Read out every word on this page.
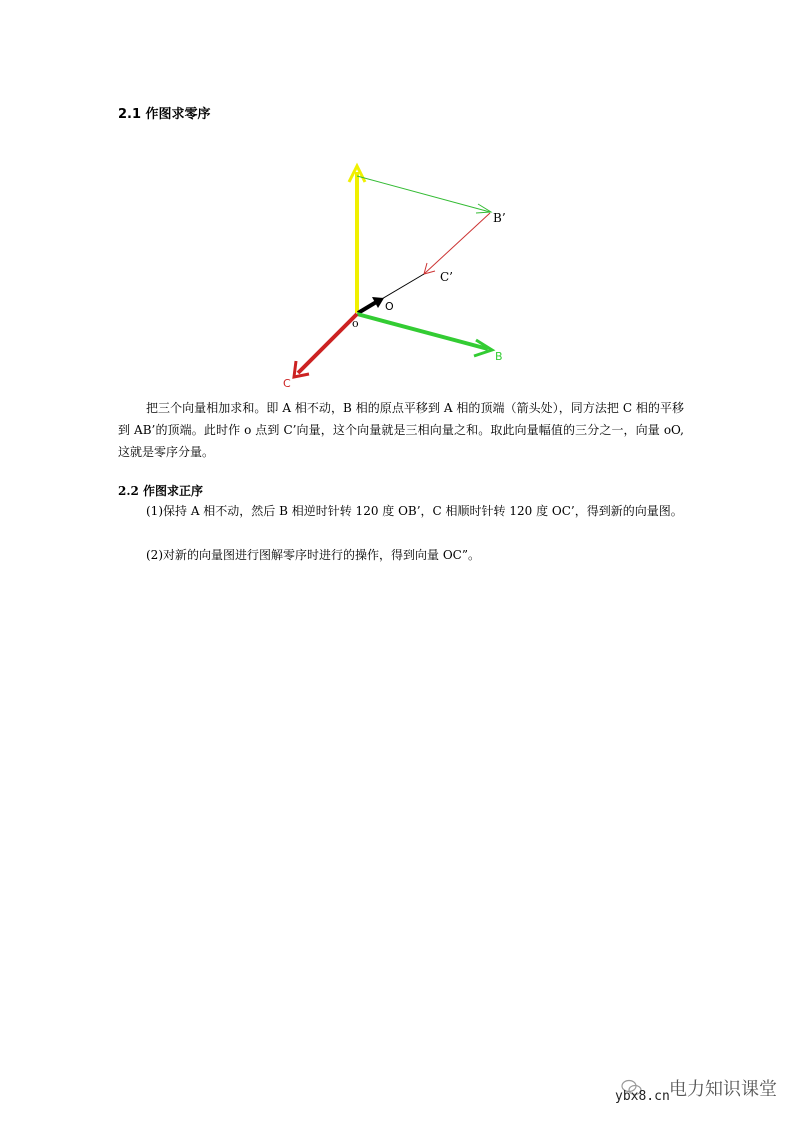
2.1 作图求零序
B’
C’
O
o
B
C

把三个向量相加求和。即 A 相不动，B 相的原点平移到 A 相的顶端（箭头处），同方法把 C 相的平移到 AB’的顶端。此时作 o 点到 C’向量，这个向量就是三相向量之和。取此向量幅值的三分之一，向量 oO,这就是零序分量。

2.2 作图求正序

(1)保持 A 相不动，然后 B 相逆时针转 120 度 OB’，C 相顺时针转 120 度 OC’，得到新的向量图。

(2)对新的向量图进行图解零序时进行的操作，得到向量 OC”。

ybx8.cn 电力知识课堂
